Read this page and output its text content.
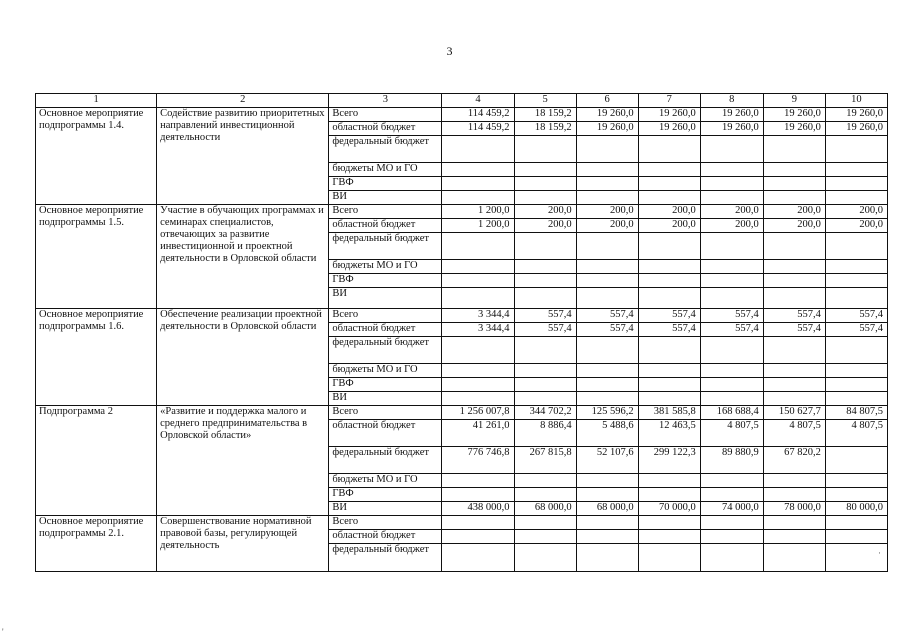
3
1	2	3	4	5	6	7	8	9	10
Основное мероприятие подпрограммы 1.4.	Содействие развитию приоритетных направлений инвестиционной деятельности	Всего	114 459,2	18 159,2	19 260,0	19 260,0	19 260,0	19 260,0	19 260,0
		областной бюджет	114 459,2	18 159,2	19 260,0	19 260,0	19 260,0	19 260,0	19 260,0
		федеральный бюджет							
		бюджеты МО и ГО							
		ГВФ							
		ВИ							
Основное мероприятие подпрограммы 1.5.	Участие в обучающих программах и семинарах специалистов, отвечающих за развитие инвестиционной и проектной деятельности в Орловской области	Всего	1 200,0	200,0	200,0	200,0	200,0	200,0	200,0
		областной бюджет	1 200,0	200,0	200,0	200,0	200,0	200,0	200,0
		федеральный бюджет							
		бюджеты МО и ГО							
		ГВФ							
		ВИ							
Основное мероприятие подпрограммы 1.6.	Обеспечение реализации проектной деятельности в Орловской области	Всего	3 344,4	557,4	557,4	557,4	557,4	557,4	557,4
		областной бюджет	3 344,4	557,4	557,4	557,4	557,4	557,4	557,4
		федеральный бюджет							
		бюджеты МО и ГО							
		ГВФ							
		ВИ							
Подпрограмма 2	«Развитие и поддержка малого и среднего предпринимательства в Орловской области»	Всего	1 256 007,8	344 702,2	125 596,2	381 585,8	168 688,4	150 627,7	84 807,5
		областной бюджет	41 261,0	8 886,4	5 488,6	12 463,5	4 807,5	4 807,5	4 807,5
		федеральный бюджет	776 746,8	267 815,8	52 107,6	299 122,3	89 880,9	67 820,2	
		бюджеты МО и ГО							
		ГВФ							
		ВИ	438 000,0	68 000,0	68 000,0	70 000,0	74 000,0	78 000,0	80 000,0
Основное мероприятие подпрограммы 2.1.	Совершенствование нормативной правовой базы, регулирующей деятельность	Всего							
		областной бюджет							
		федеральный бюджет								·
'
